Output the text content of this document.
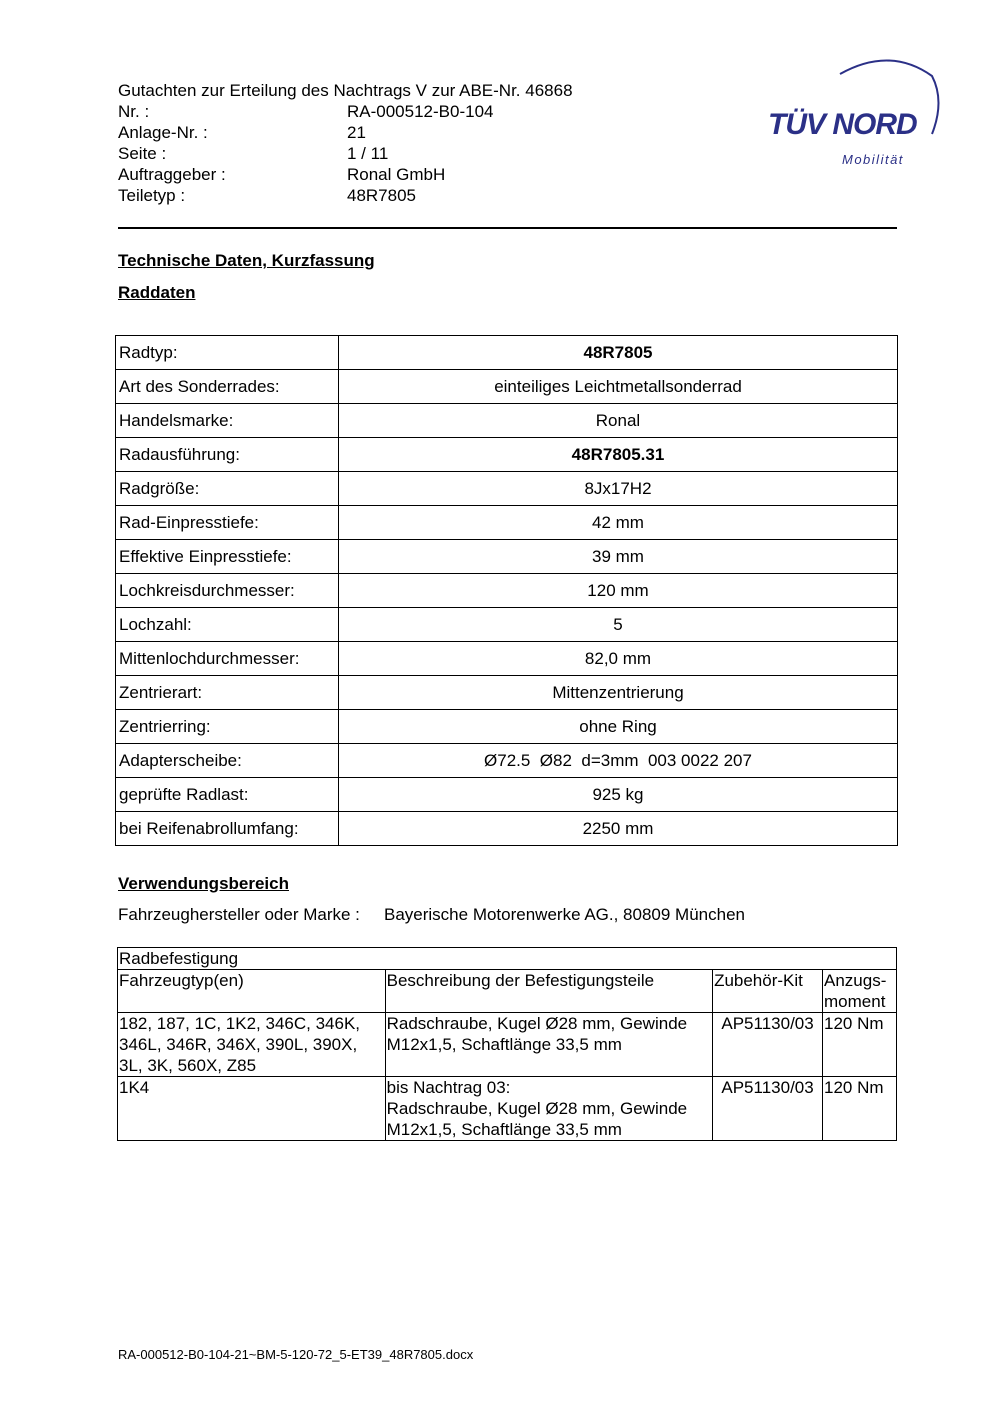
Gutachten zur Erteilung des Nachtrags V zur ABE-Nr. 46868
Nr. :	RA-000512-B0-104
Anlage-Nr. :	21
Seite :	1 / 11
Auftraggeber :	Ronal GmbH
Teiletyp :	48R7805
TÜV NORD
Mobilität
Technische Daten, Kurzfassung
Raddaten
Radtyp:	48R7805
Art des Sonderrades:	einteiliges Leichtmetallsonderrad
Handelsmarke:	Ronal
Radausführung:	48R7805.31
Radgröße:	8Jx17H2
Rad-Einpresstiefe:	42 mm
Effektive Einpresstiefe:	39 mm
Lochkreisdurchmesser:	120 mm
Lochzahl:	5
Mittenlochdurchmesser:	82,0 mm
Zentrierart:	Mittenzentrierung
Zentrierring:	ohne Ring
Adapterscheibe:	Ø72.5  Ø82  d=3mm  003 0022 207
geprüfte Radlast:	925 kg
bei Reifenabrollumfang:	2250 mm
Verwendungsbereich
Fahrzeughersteller oder Marke :	Bayerische Motorenwerke AG., 80809 München
Radbefestigung			
Fahrzeugtyp(en)	Beschreibung der Befestigungsteile	Zubehör-Kit	Anzugs-
moment

182, 187, 1C, 1K2, 346C, 346K,
346L, 346R, 346X, 390L, 390X,
3L, 3K, 560X, Z85	Radschraube, Kugel Ø28 mm, Gewinde
M12x1,5, Schaftlänge 33,5 mm	AP51130/03	120 Nm

1K4	bis Nachtrag 03:
Radschraube, Kugel Ø28 mm, Gewinde
M12x1,5, Schaftlänge 33,5 mm	AP51130/03	120 Nm
RA-000512-B0-104-21~BM-5-120-72_5-ET39_48R7805.docx
